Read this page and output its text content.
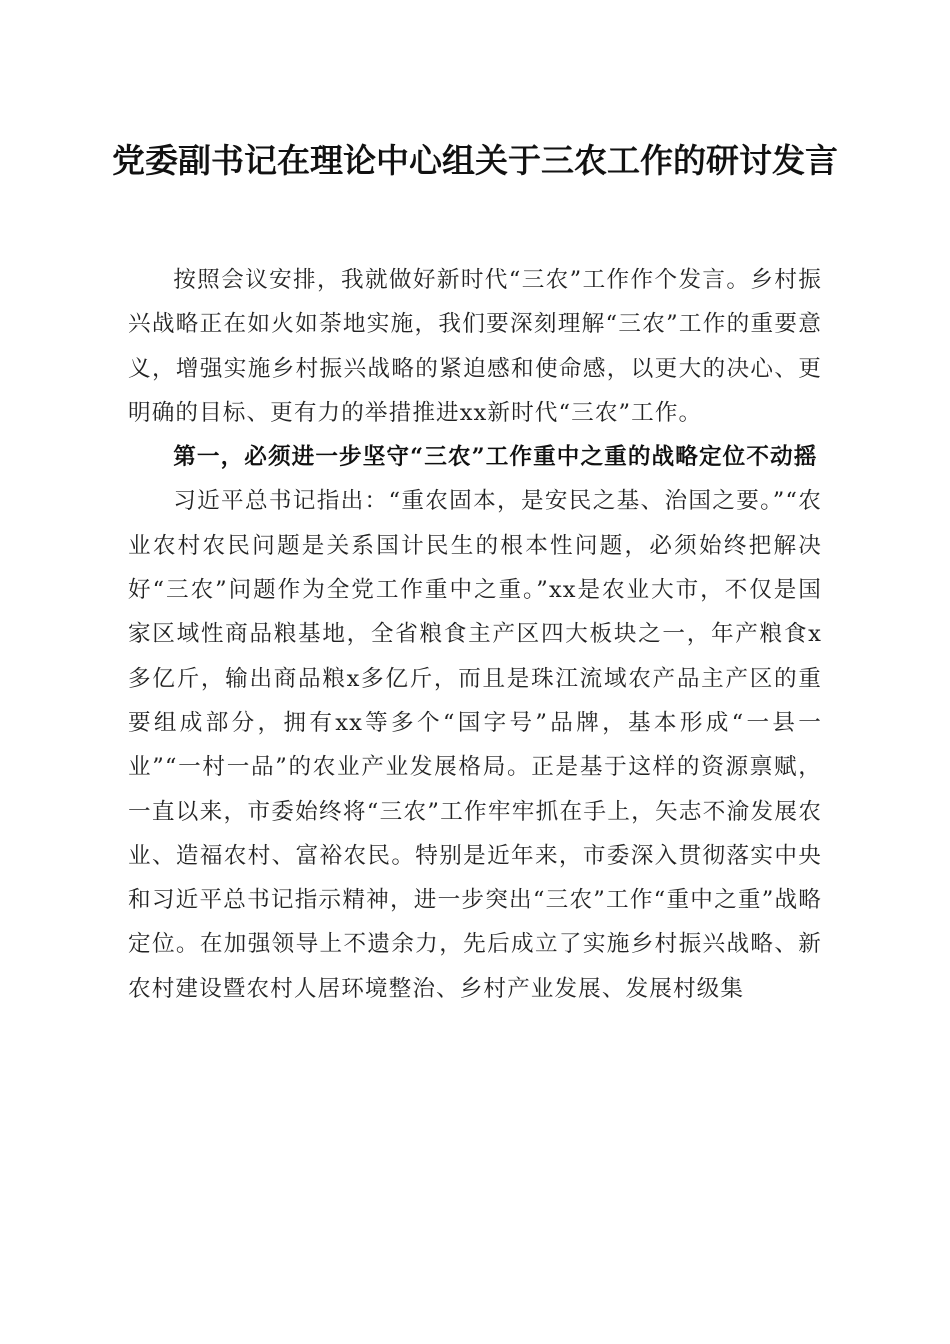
党委副书记在理论中心组关于三农工作的研讨发言

按照会议安排，我就做好新时代“三农”工作作个发言。乡村振兴战略正在如火如荼地实施，我们要深刻理解“三农”工作的重要意义，增强实施乡村振兴战略的紧迫感和使命感，以更大的决心、更明确的目标、更有力的举措推进xx新时代“三农”工作。

第一，必须进一步坚守“三农”工作重中之重的战略定位不动摇

习近平总书记指出：“重农固本，是安民之基、治国之要。”“农业农村农民问题是关系国计民生的根本性问题，必须始终把解决好“三农”问题作为全党工作重中之重。”xx是农业大市，不仅是国家区域性商品粮基地，全省粮食主产区四大板块之一，年产粮食x多亿斤，输出商品粮x多亿斤，而且是珠江流域农产品主产区的重要组成部分，拥有xx等多个“国字号”品牌，基本形成“一县一业”“一村一品”的农业产业发展格局。正是基于这样的资源禀赋，一直以来，市委始终将“三农”工作牢牢抓在手上，矢志不渝发展农业、造福农村、富裕农民。特别是近年来，市委深入贯彻落实中央和习近平总书记指示精神，进一步突出“三农”工作“重中之重”战略定位。在加强领导上不遗余力，先后成立了实施乡村振兴战略、新农村建设暨农村人居环境整治、乡村产业发展、发展村级集
